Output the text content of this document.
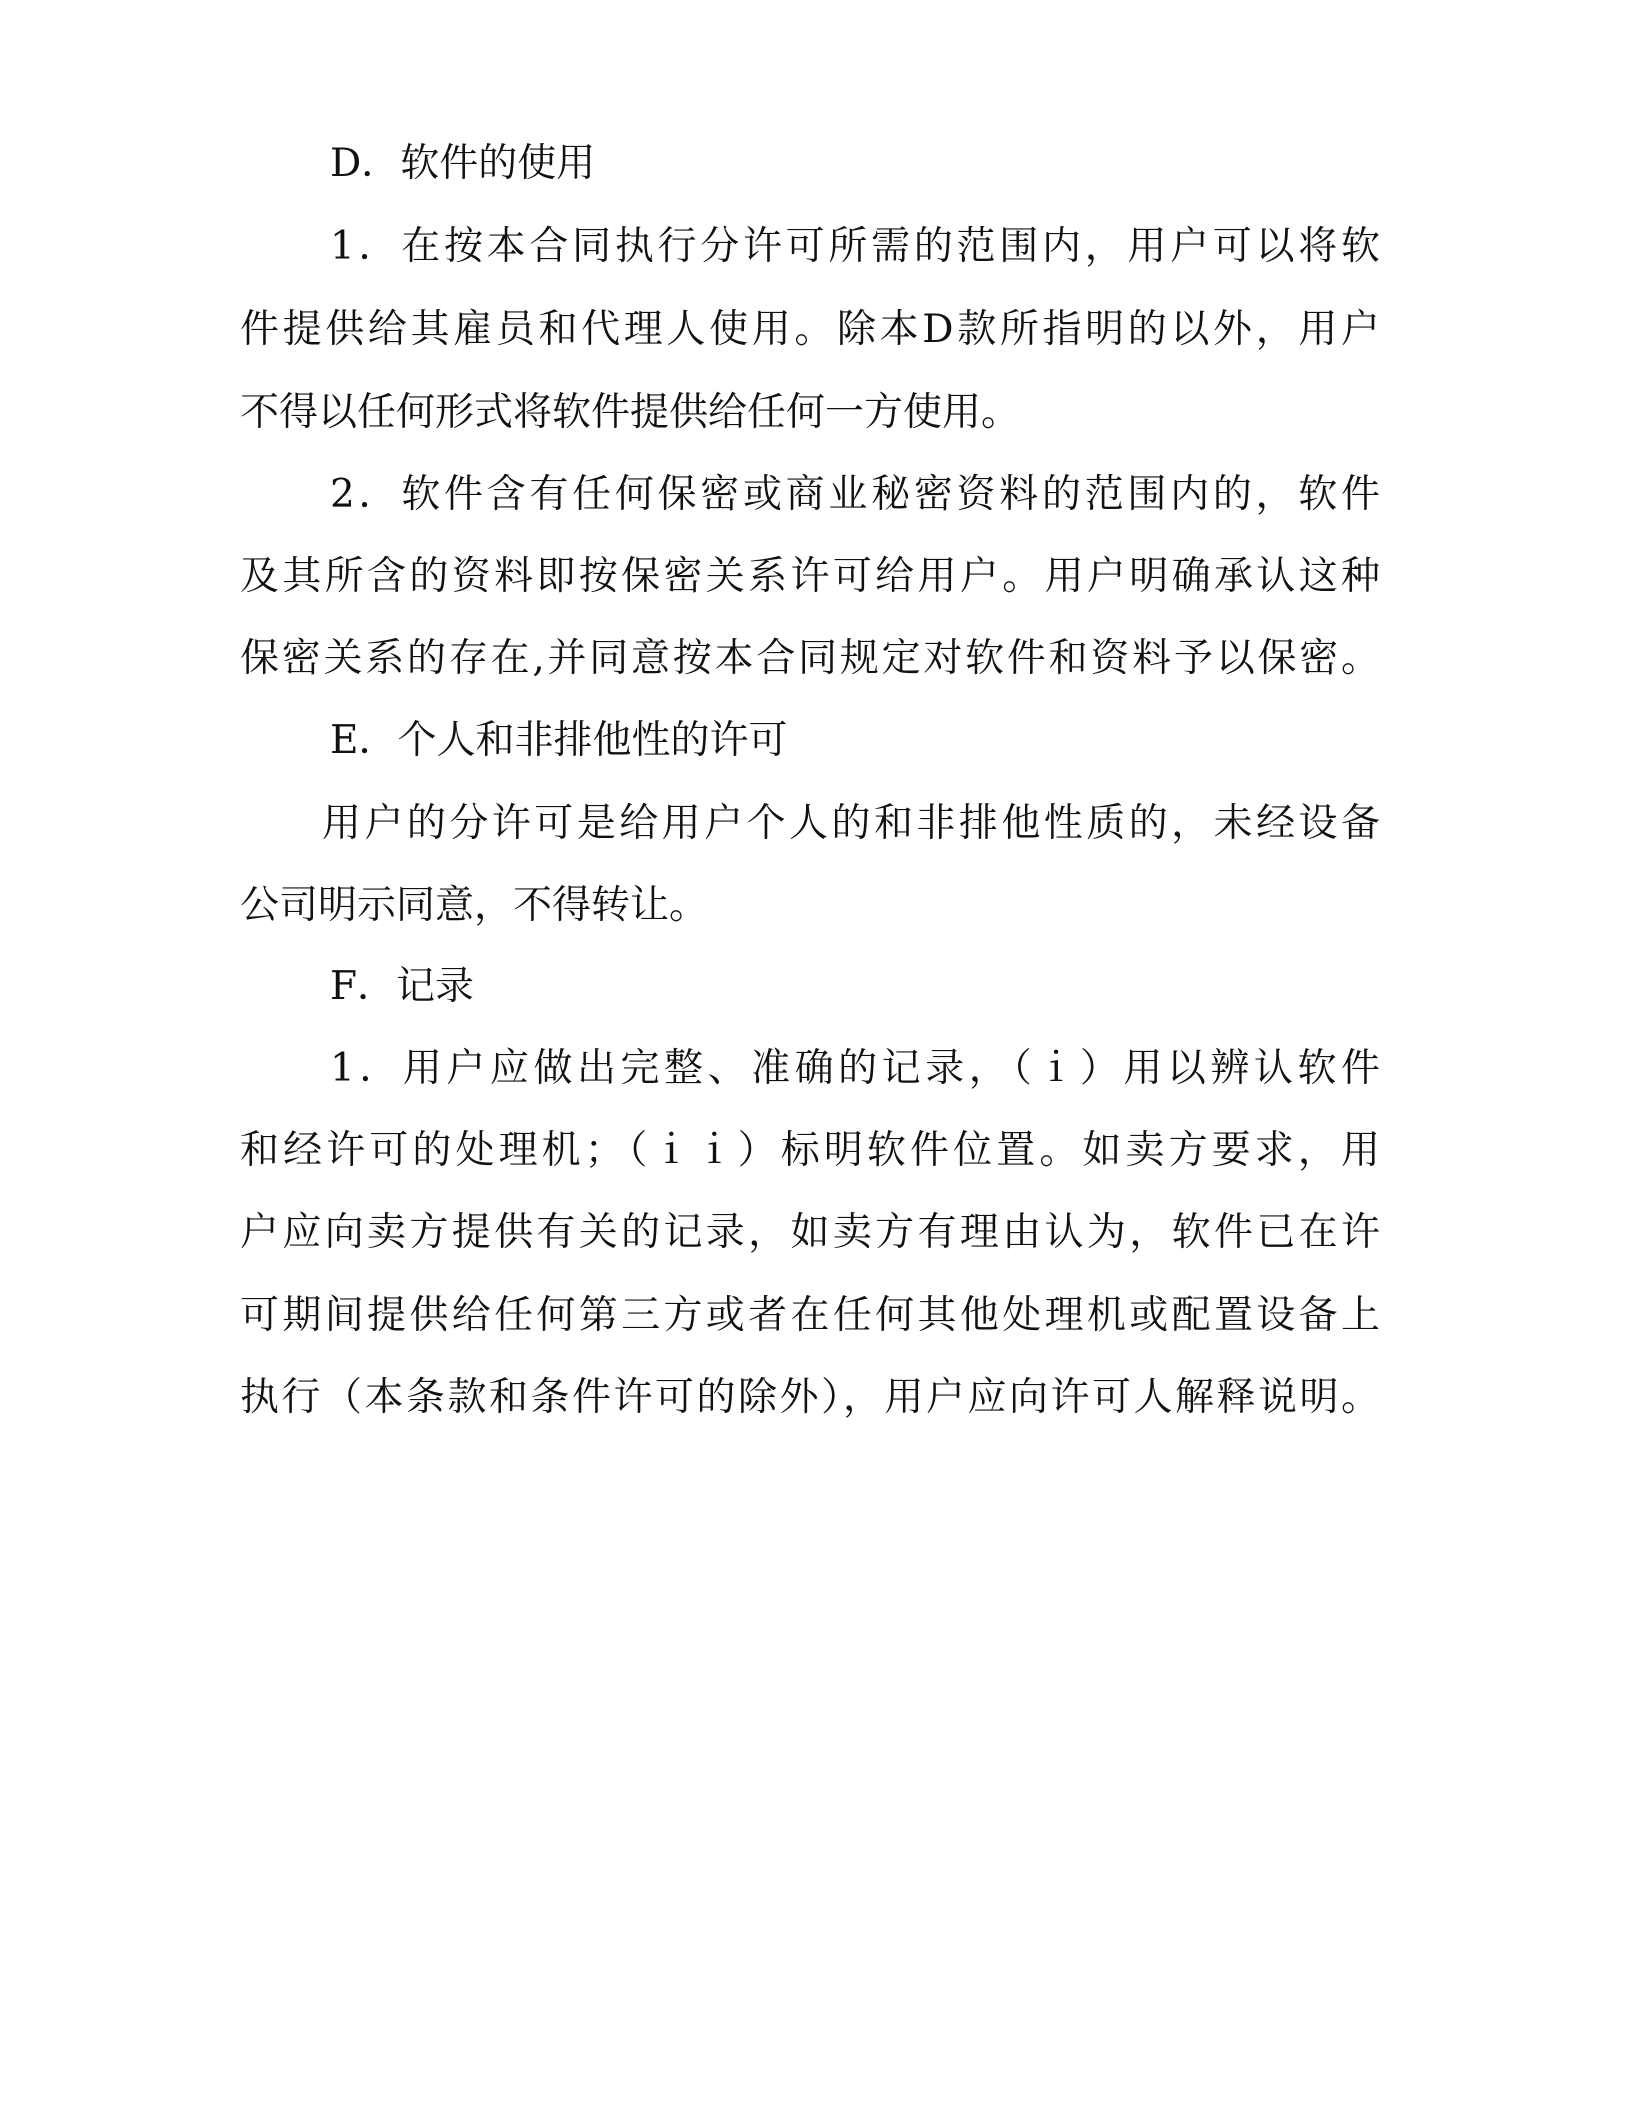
D．软件的使用
1．在按本合同执行分许可所需的范围内，用户可以将软
件提供给其雇员和代理人使用。除本D款所指明的以外，用户
不得以任何形式将软件提供给任何一方使用。
2．软件含有任何保密或商业秘密资料的范围内的，软件
及其所含的资料即按保密关系许可给用户。用户明确承认这种
保密关系的存在,并同意按本合同规定对软件和资料予以保密。
E．个人和非排他性的许可
用户的分许可是给用户个人的和非排他性质的，未经设备
公司明示同意，不得转让。
F．记录
1．用户应做出完整、准确的记录，（ｉ）用以辨认软件
和经许可的处理机；（ｉｉ）标明软件位置。如卖方要求，用
户应向卖方提供有关的记录，如卖方有理由认为，软件已在许
可期间提供给任何第三方或者在任何其他处理机或配置设备上
执行（本条款和条件许可的除外），用户应向许可人解释说明。
